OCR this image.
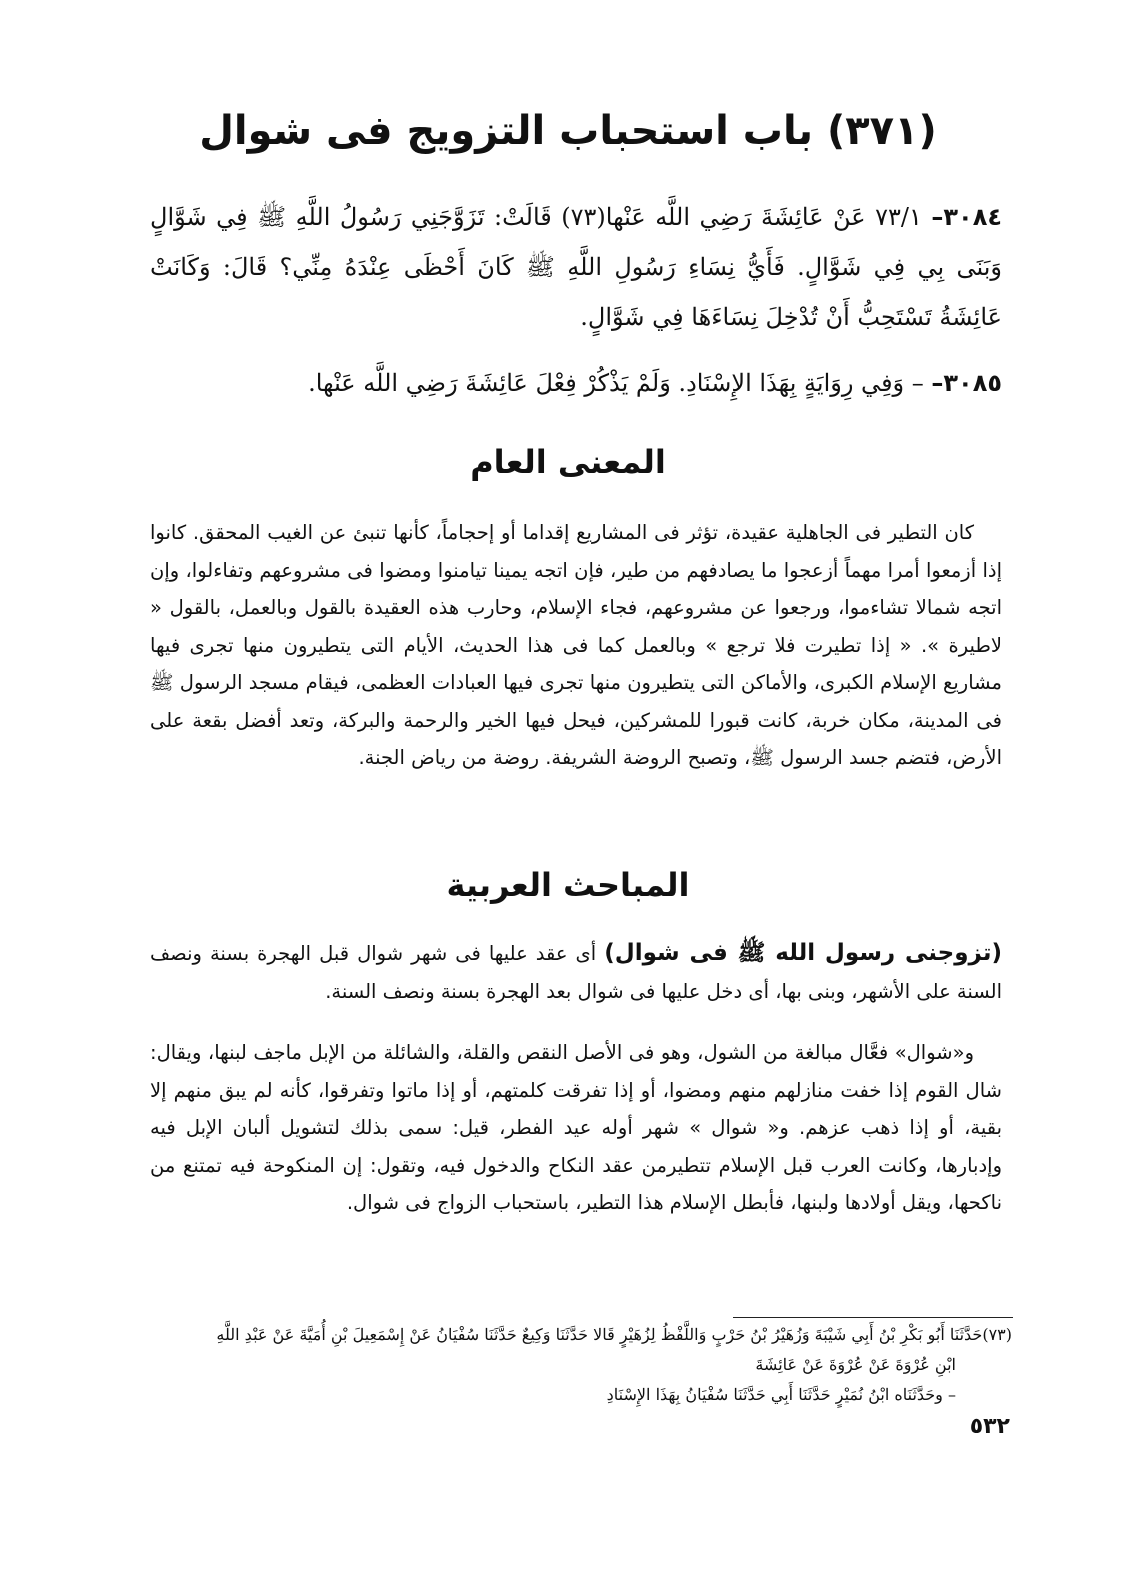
(٣٧١) باب استحباب التزويج فى شوال

٣٠٨٤– ٧٣/١ عَنْ عَائِشَةَ رَضِي اللَّه عَنْها(٧٣) قَالَتْ: تَزَوَّجَنِي رَسُولُ اللَّهِ ﷺ فِي شَوَّالٍ وَبَنَى بِي فِي شَوَّالٍ. فَأَيُّ نِسَاءِ رَسُولِ اللَّهِ ﷺ كَانَ أَحْظَى عِنْدَهُ مِنِّي؟ قَالَ: وَكَانَتْ عَائِشَةُ تَسْتَحِبُّ أَنْ تُدْخِلَ نِسَاءَهَا فِي شَوَّالٍ.

٣٠٨٥– – وَفِي رِوَايَةٍ بِهَذَا الإِسْنَادِ. وَلَمْ يَذْكُرْ فِعْلَ عَائِشَةَ رَضِي اللَّه عَنْها.

المعنى العام

كان التطير فى الجاهلية عقيدة، تؤثر فى المشاريع إقداما أو إحجاماً، كأنها تنبئ عن الغيب المحقق. كانوا إذا أزمعوا أمرا مهماً أزعجوا ما يصادفهم من طير، فإن اتجه يمينا تيامنوا ومضوا فى مشروعهم وتفاءلوا، وإن اتجه شمالا تشاءموا، ورجعوا عن مشروعهم، فجاء الإسلام، وحارب هذه العقيدة بالقول وبالعمل، بالقول « لاطيرة ». « إذا تطيرت فلا ترجع » وبالعمل كما فى هذا الحديث، الأيام التى يتطيرون منها تجرى فيها مشاريع الإسلام الكبرى، والأماكن التى يتطيرون منها تجرى فيها العبادات العظمى، فيقام مسجد الرسول ﷺ فى المدينة، مكان خربة، كانت قبورا للمشركين، فيحل فيها الخير والرحمة والبركة، وتعد أفضل بقعة على الأرض، فتضم جسد الرسول ﷺ، وتصبح الروضة الشريفة. روضة من رياض الجنة.

المباحث العربية

(تزوجنى رسول الله ﷺ فى شوال) أى عقد عليها فى شهر شوال قبل الهجرة بسنة ونصف السنة على الأشهر، وبنى بها، أى دخل عليها فى شوال بعد الهجرة بسنة ونصف السنة.

و«شوال» فعَّال مبالغة من الشول، وهو فى الأصل النقص والقلة، والشائلة من الإبل ماجف لبنها، ويقال: شال القوم إذا خفت منازلهم منهم ومضوا، أو إذا تفرقت كلمتهم، أو إذا ماتوا وتفرقوا، كأنه لم يبق منهم إلا بقية، أو إذا ذهب عزهم. و« شوال » شهر أوله عيد الفطر، قيل: سمى بذلك لتشويل ألبان الإبل فيه وإدبارها، وكانت العرب قبل الإسلام تتطيرمن عقد النكاح والدخول فيه، وتقول: إن المنكوحة فيه تمتنع من ناكحها، ويقل أولادها ولبنها، فأبطل الإسلام هذا التطير، باستحباب الزواج فى شوال.

(٧٣)حَدَّثَنَا أَبُو بَكْرِ بْنُ أَبِي شَيْبَةَ وَزُهَيْرُ بْنُ حَرْبٍ وَاللَّفْظُ لِزُهَيْرٍ قَالا حَدَّثَنَا وَكِيعٌ حَدَّثَنَا سُفْيَانُ عَنْ إِسْمَعِيلَ بْنِ أُمَيَّةَ عَنْ عَبْدِ اللَّهِ

ابْنِ عُرْوَةَ عَنْ عُرْوَةَ عَنْ عَائِشَةَ

– وحَدَّثَنَاه ابْنُ نُمَيْرٍ حَدَّثَنَا أَبِي حَدَّثَنَا سُفْيَانُ بِهَذَا الإِسْنَادِ

٥٣٢
